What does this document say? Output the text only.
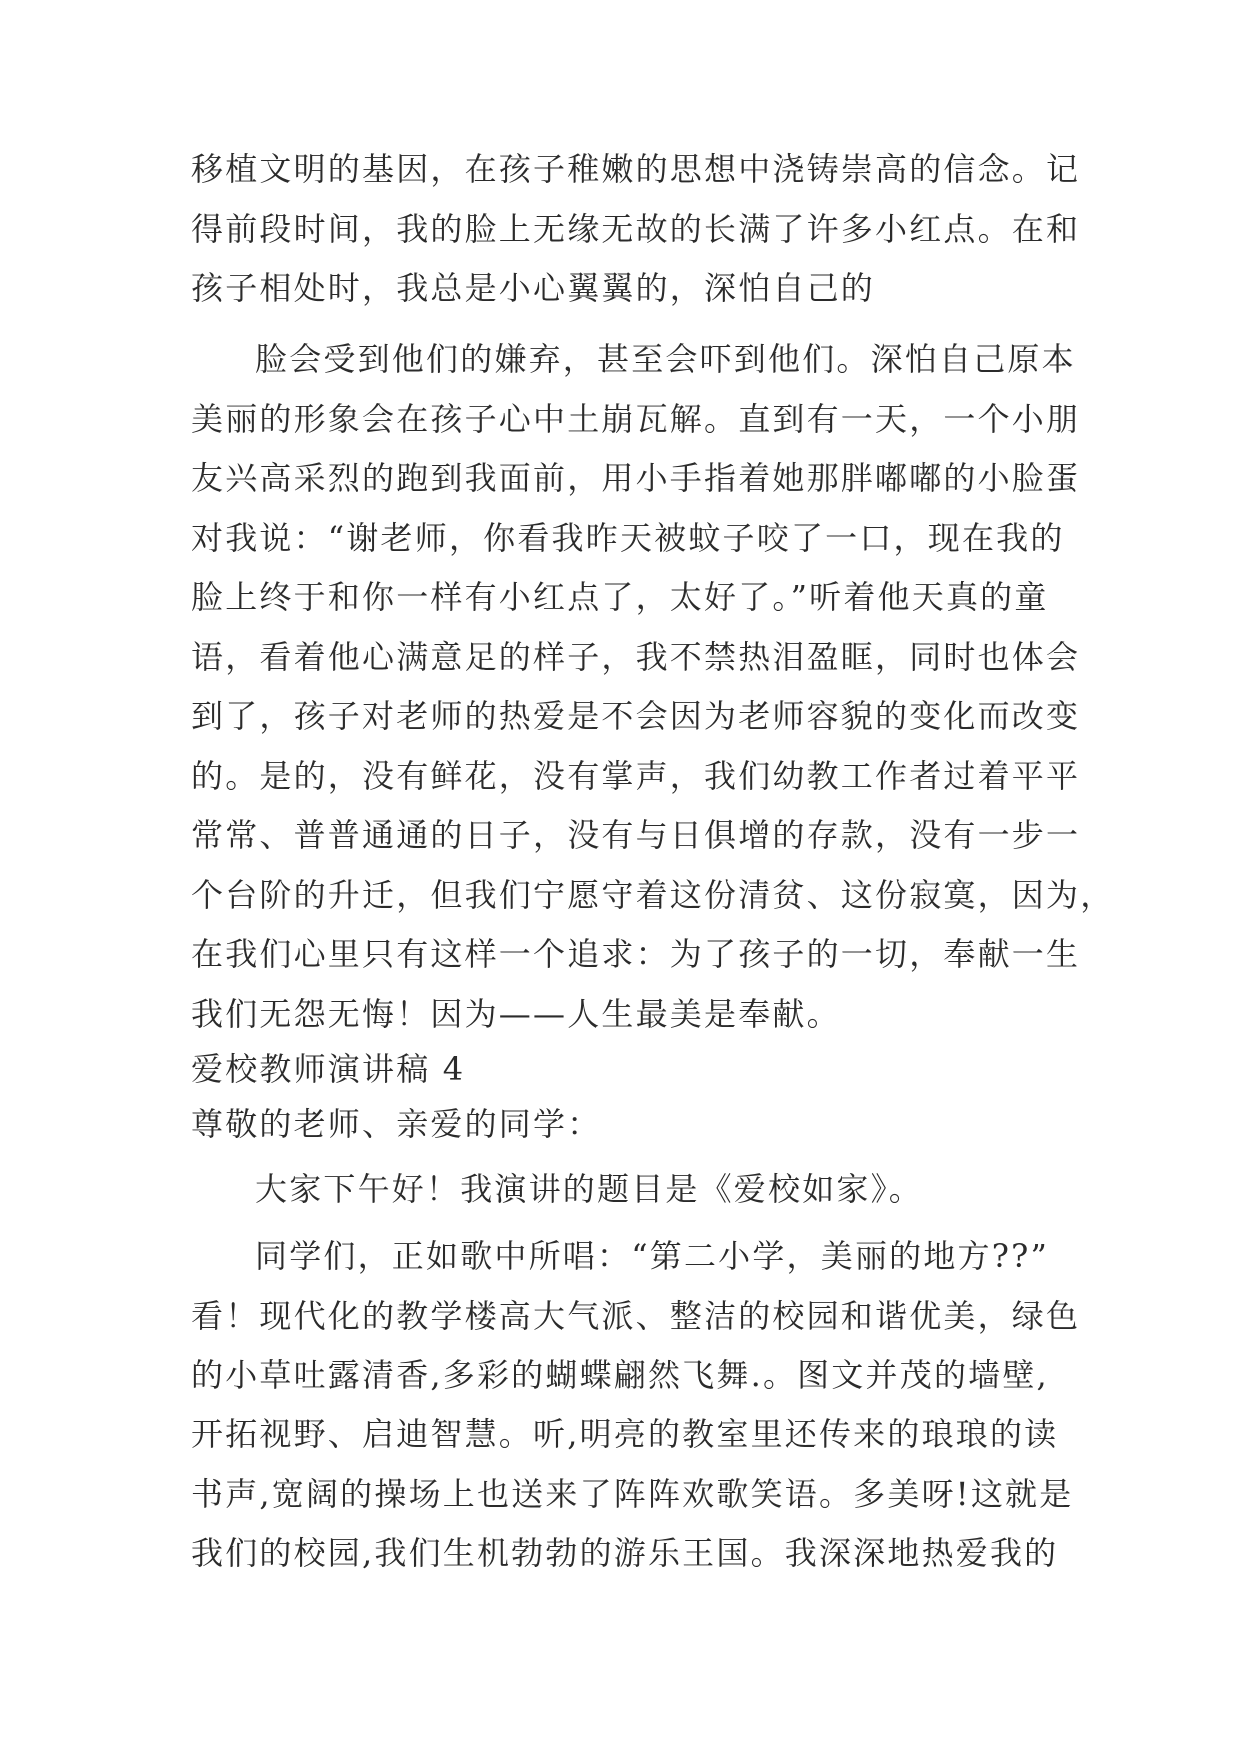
移植文明的基因，在孩子稚嫩的思想中浇铸崇高的信念。记
得前段时间，我的脸上无缘无故的长满了许多小红点。在和
孩子相处时，我总是小心翼翼的，深怕自己的
脸会受到他们的嫌弃，甚至会吓到他们。深怕自己原本
美丽的形象会在孩子心中土崩瓦解。直到有一天，一个小朋
友兴高采烈的跑到我面前，用小手指着她那胖嘟嘟的小脸蛋
对我说：“谢老师，你看我昨天被蚊子咬了一口，现在我的
脸上终于和你一样有小红点了，太好了。”听着他天真的童
语，看着他心满意足的样子，我不禁热泪盈眶，同时也体会
到了，孩子对老师的热爱是不会因为老师容貌的变化而改变
的。是的，没有鲜花，没有掌声，我们幼教工作者过着平平
常常、普普通通的日子，没有与日俱增的存款，没有一步一
个台阶的升迁，但我们宁愿守着这份清贫、这份寂寞，因为，
在我们心里只有这样一个追求：为了孩子的一切，奉献一生
我们无怨无悔！因为——人生最美是奉献。
爱校教师演讲稿 4
尊敬的老师、亲爱的同学：
大家下午好！我演讲的题目是《爱校如家》。
同学们，正如歌中所唱：“第二小学，美丽的地方??”
看！现代化的教学楼高大气派、整洁的校园和谐优美，绿色
的小草吐露清香,多彩的蝴蝶翩然飞舞.。图文并茂的墙壁,
开拓视野、启迪智慧。听,明亮的教室里还传来的琅琅的读
书声,宽阔的操场上也送来了阵阵欢歌笑语。多美呀!这就是
我们的校园,我们生机勃勃的游乐王国。我深深地热爱我的
